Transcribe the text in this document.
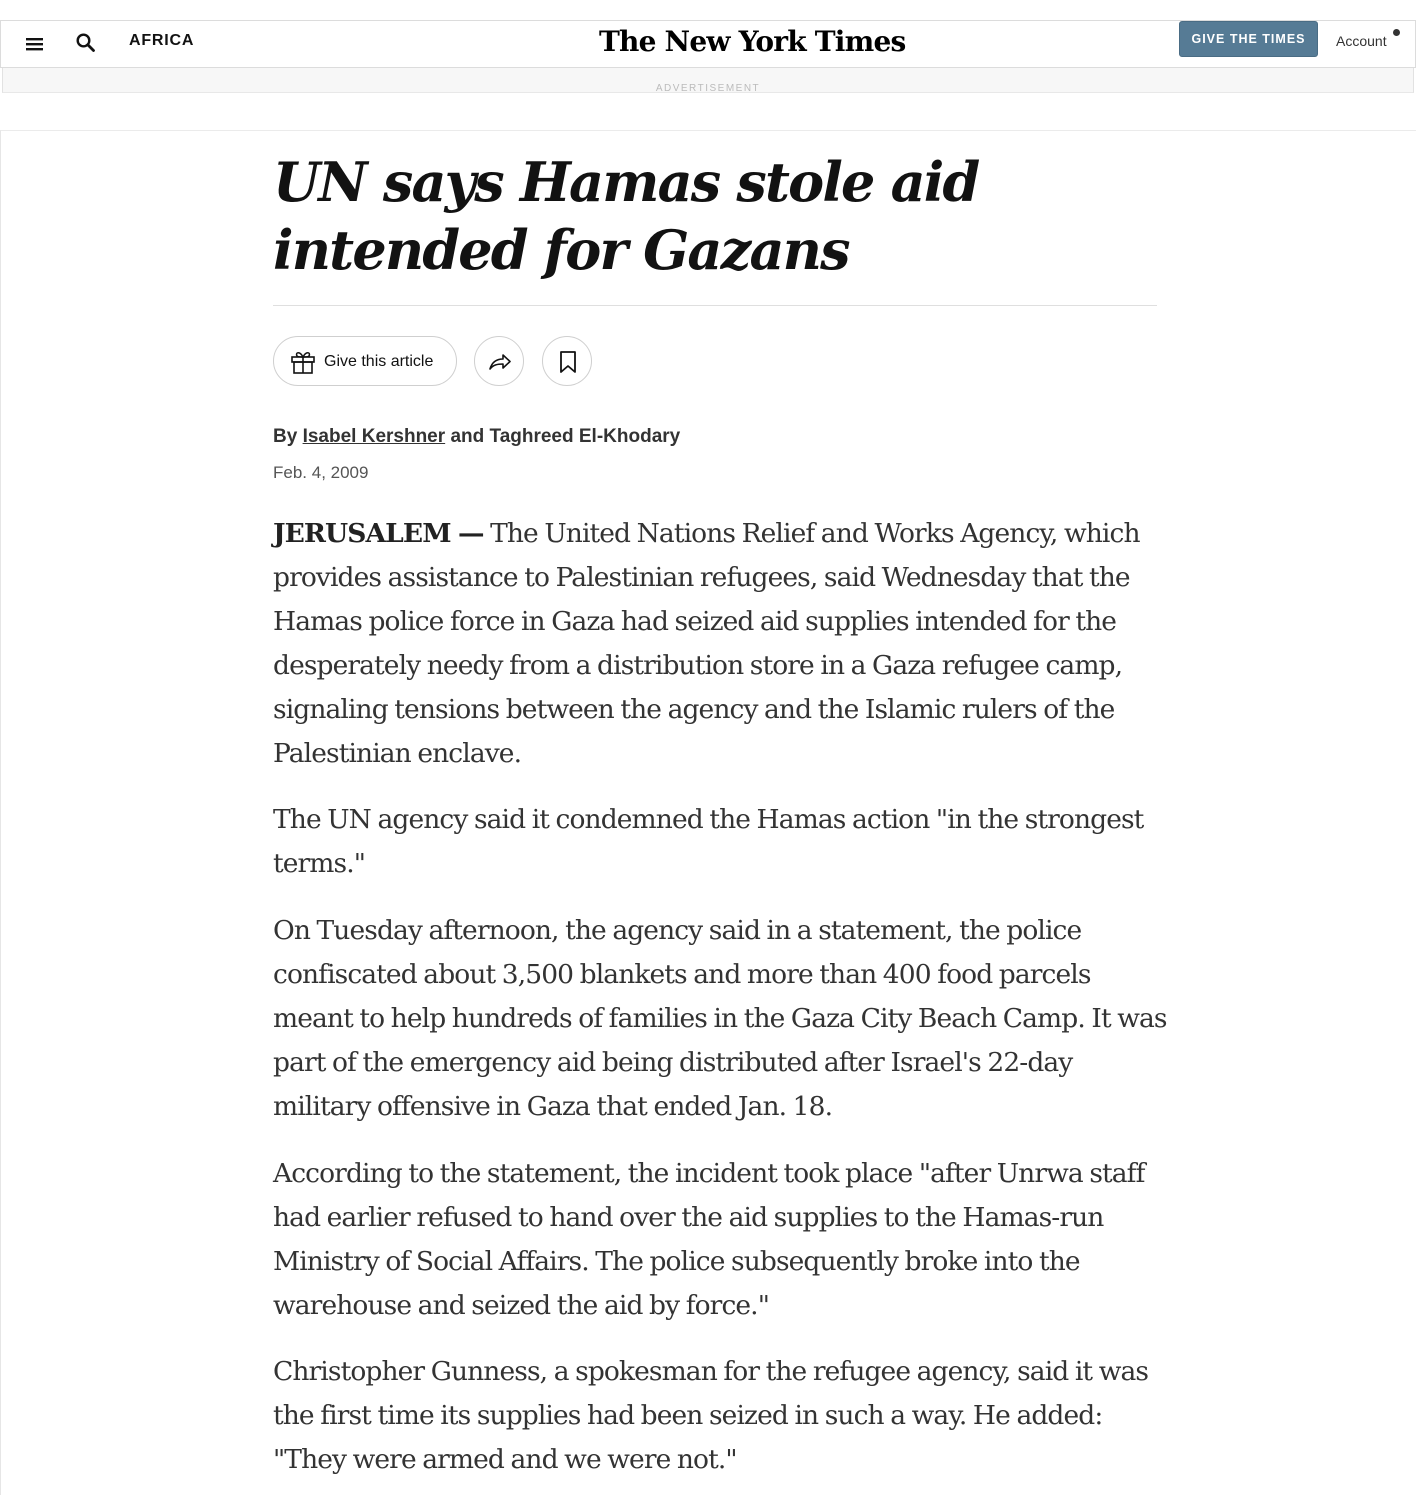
AFRICA	The New York Times	GIVE THE TIMES	Account
ADVERTISEMENT
UN says Hamas stole aid intended for Gazans
Give this article
By Isabel Kershner and Taghreed El-Khodary
Feb. 4, 2009

JERUSALEM — The United Nations Relief and Works Agency, which provides assistance to Palestinian refugees, said Wednesday that the Hamas police force in Gaza had seized aid supplies intended for the desperately needy from a distribution store in a Gaza refugee camp, signaling tensions between the agency and the Islamic rulers of the Palestinian enclave.

The UN agency said it condemned the Hamas action "in the strongest terms."

On Tuesday afternoon, the agency said in a statement, the police confiscated about 3,500 blankets and more than 400 food parcels meant to help hundreds of families in the Gaza City Beach Camp. It was part of the emergency aid being distributed after Israel's 22-day military offensive in Gaza that ended Jan. 18.

According to the statement, the incident took place "after Unrwa staff had earlier refused to hand over the aid supplies to the Hamas-run Ministry of Social Affairs. The police subsequently broke into the warehouse and seized the aid by force."

Christopher Gunness, a spokesman for the refugee agency, said it was the first time its supplies had been seized in such a way. He added: "They were armed and we were not."
